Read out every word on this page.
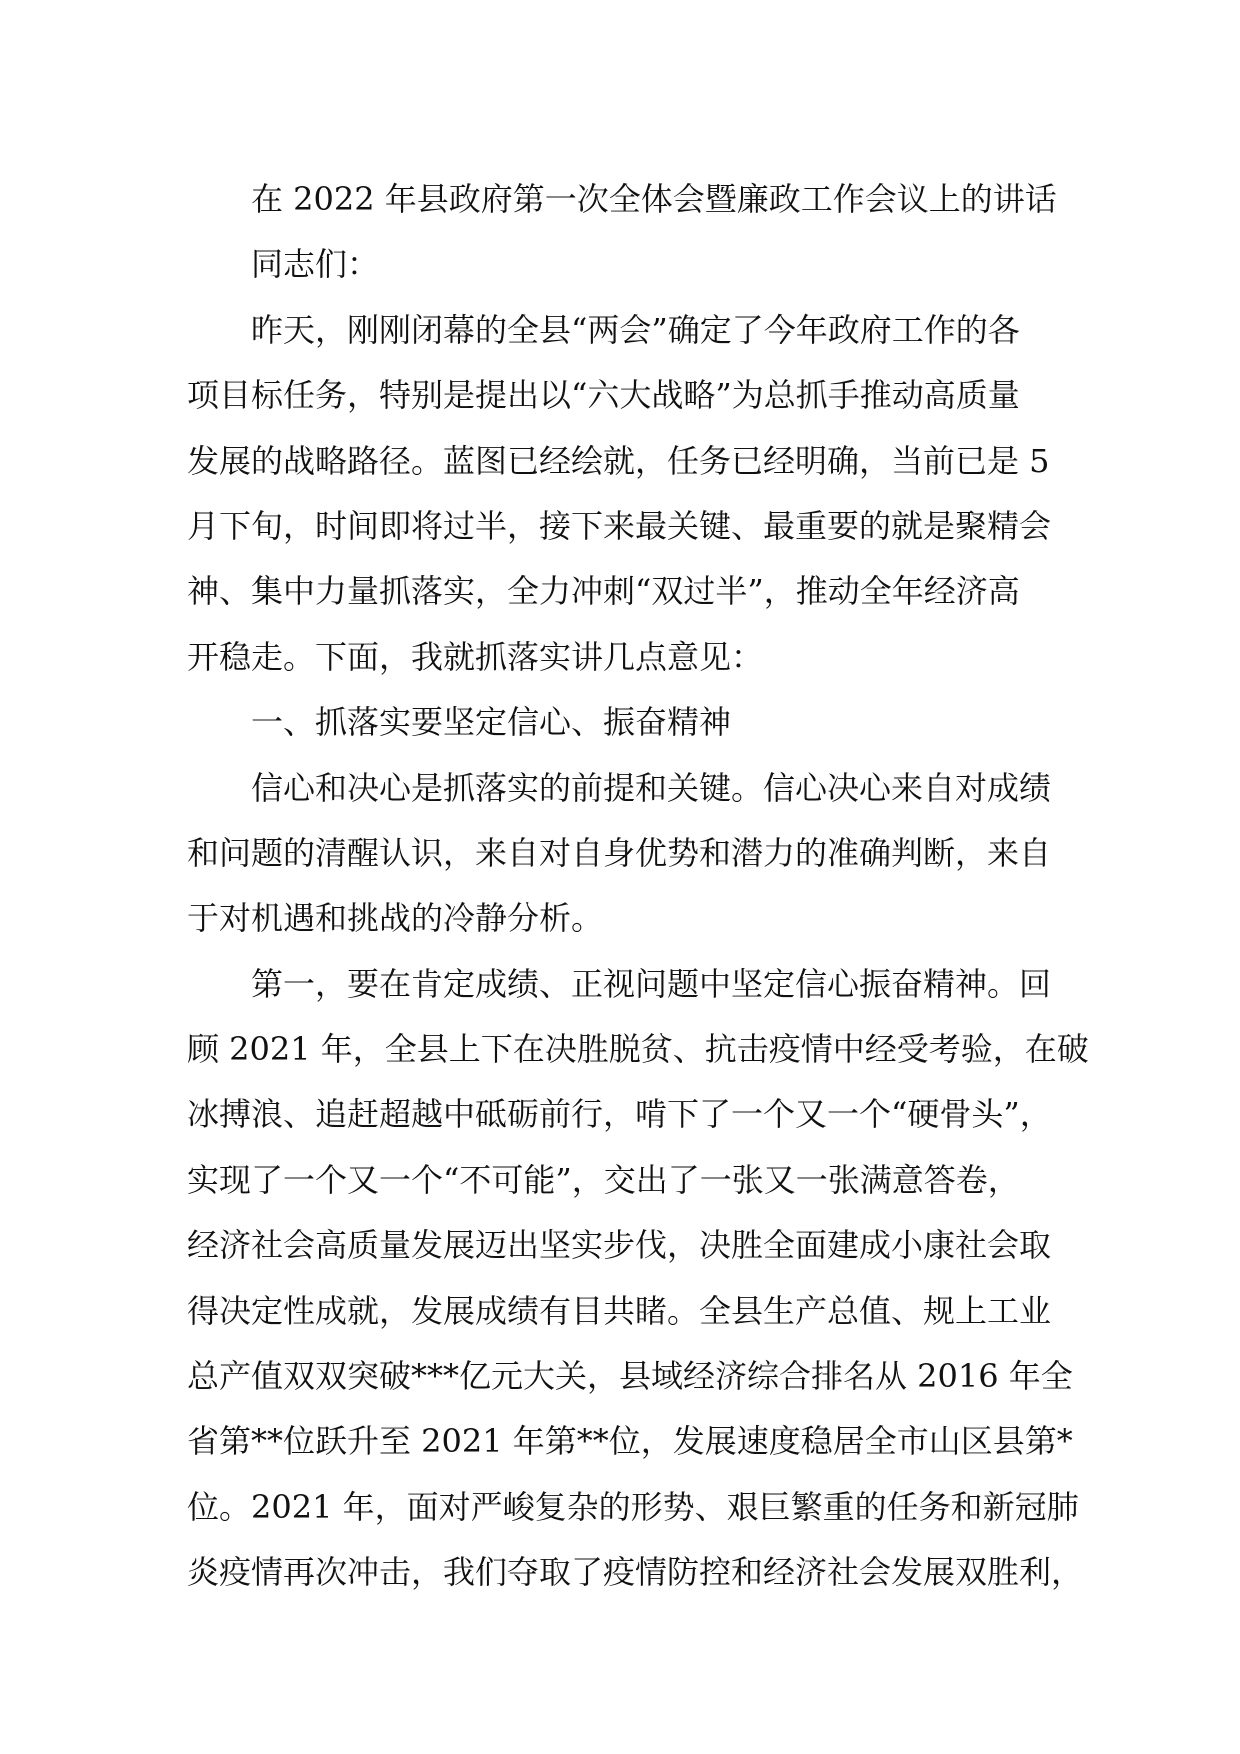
在 2022 年县政府第一次全体会暨廉政工作会议上的讲话
同志们：
昨天，刚刚闭幕的全县“两会”确定了今年政府工作的各
项目标任务，特别是提出以“六大战略”为总抓手推动高质量
发展的战略路径。蓝图已经绘就，任务已经明确，当前已是 5
月下旬，时间即将过半，接下来最关键、最重要的就是聚精会
神、集中力量抓落实，全力冲刺“双过半”，推动全年经济高
开稳走。下面，我就抓落实讲几点意见：
一、抓落实要坚定信心、振奋精神
信心和决心是抓落实的前提和关键。信心决心来自对成绩
和问题的清醒认识，来自对自身优势和潜力的准确判断，来自
于对机遇和挑战的冷静分析。
第一，要在肯定成绩、正视问题中坚定信心振奋精神。回
顾 2021 年，全县上下在决胜脱贫、抗击疫情中经受考验，在破
冰搏浪、追赶超越中砥砺前行，啃下了一个又一个“硬骨头”，
实现了一个又一个“不可能”，交出了一张又一张满意答卷，
经济社会高质量发展迈出坚实步伐，决胜全面建成小康社会取
得决定性成就，发展成绩有目共睹。全县生产总值、规上工业
总产值双双突破***亿元大关，县域经济综合排名从 2016 年全
省第**位跃升至 2021 年第**位，发展速度稳居全市山区县第*
位。2021 年，面对严峻复杂的形势、艰巨繁重的任务和新冠肺
炎疫情再次冲击，我们夺取了疫情防控和经济社会发展双胜利，
